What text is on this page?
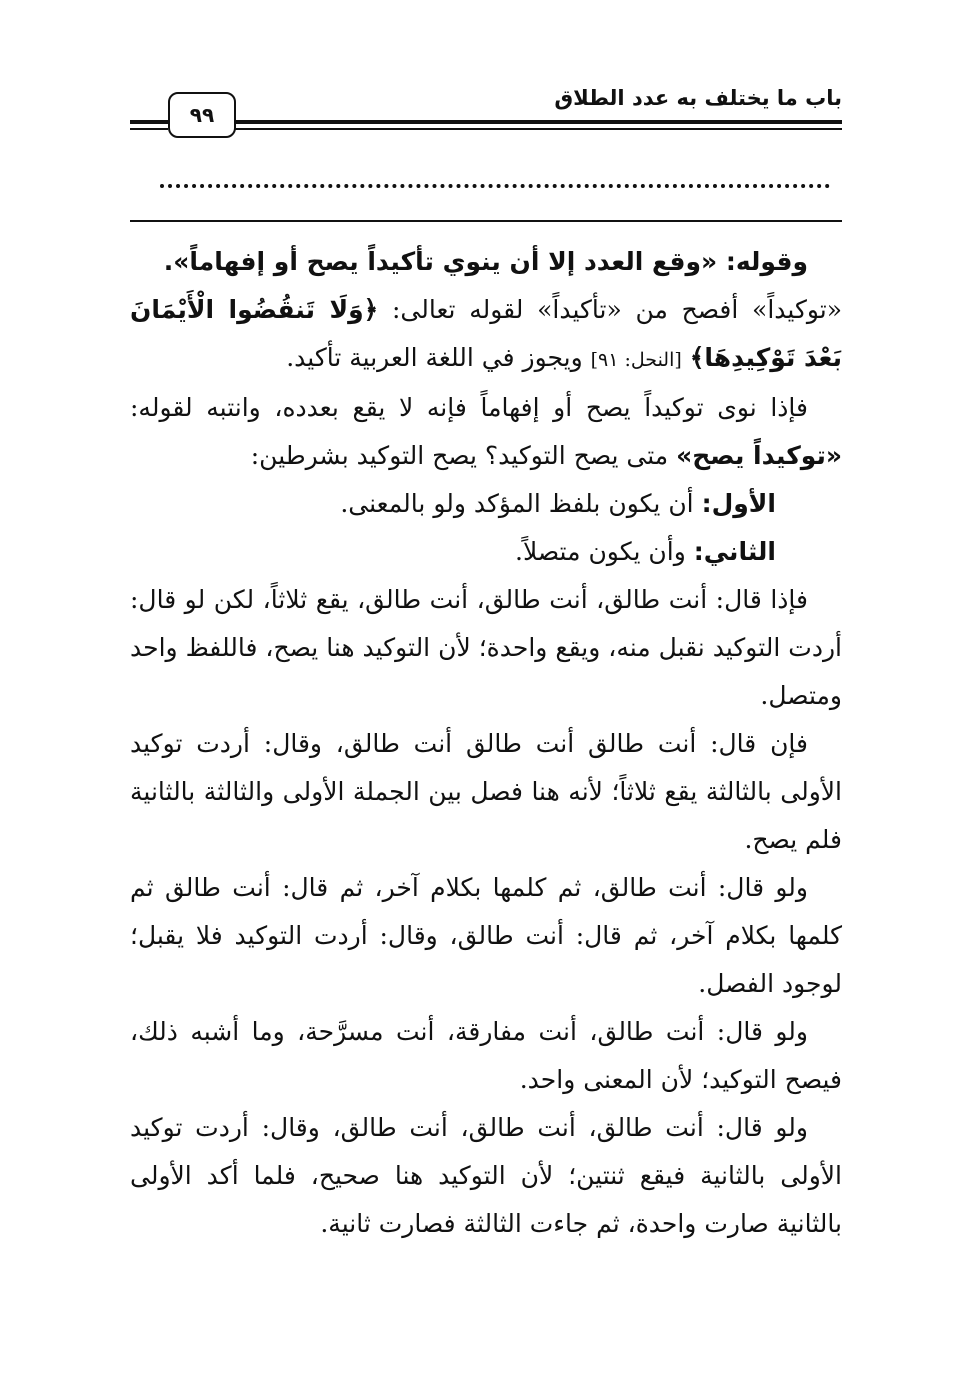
باب ما يختلف به عدد الطلاق
٩٩

وقوله: «وقع العدد إلا أن ينوي تأكيداً يصح أو إفهاماً».

«توكيداً» أفصح من «تأكيداً» لقوله تعالى: ﴿وَلَا تَنقُضُوا الْأَيْمَانَ بَعْدَ تَوْكِيدِهَا﴾ [النحل: ٩١] ويجوز في اللغة العربية تأكيد.

فإذا نوى توكيداً يصح أو إفهاماً فإنه لا يقع بعدده، وانتبه لقوله: «توكيداً يصح» متى يصح التوكيد؟ يصح التوكيد بشرطين:

الأول: أن يكون بلفظ المؤكد ولو بالمعنى.

الثاني: وأن يكون متصلاً.

فإذا قال: أنت طالق، أنت طالق، أنت طالق، يقع ثلاثاً، لكن لو قال: أردت التوكيد نقبل منه، ويقع واحدة؛ لأن التوكيد هنا يصح، فاللفظ واحد ومتصل.

فإن قال: أنت طالق أنت طالق أنت طالق، وقال: أردت توكيد الأولى بالثالثة يقع ثلاثاً؛ لأنه هنا فصل بين الجملة الأولى والثالثة بالثانية فلم يصح.

ولو قال: أنت طالق، ثم كلمها بكلام آخر، ثم قال: أنت طالق ثم كلمها بكلام آخر، ثم قال: أنت طالق، وقال: أردت التوكيد فلا يقبل؛ لوجود الفصل.

ولو قال: أنت طالق، أنت مفارقة، أنت مسرَّحة، وما أشبه ذلك، فيصح التوكيد؛ لأن المعنى واحد.

ولو قال: أنت طالق، أنت طالق، أنت طالق، وقال: أردت توكيد الأولى بالثانية فيقع ثنتين؛ لأن التوكيد هنا صحيح، فلما أكد الأولى بالثانية صارت واحدة، ثم جاءت الثالثة فصارت ثانية.
